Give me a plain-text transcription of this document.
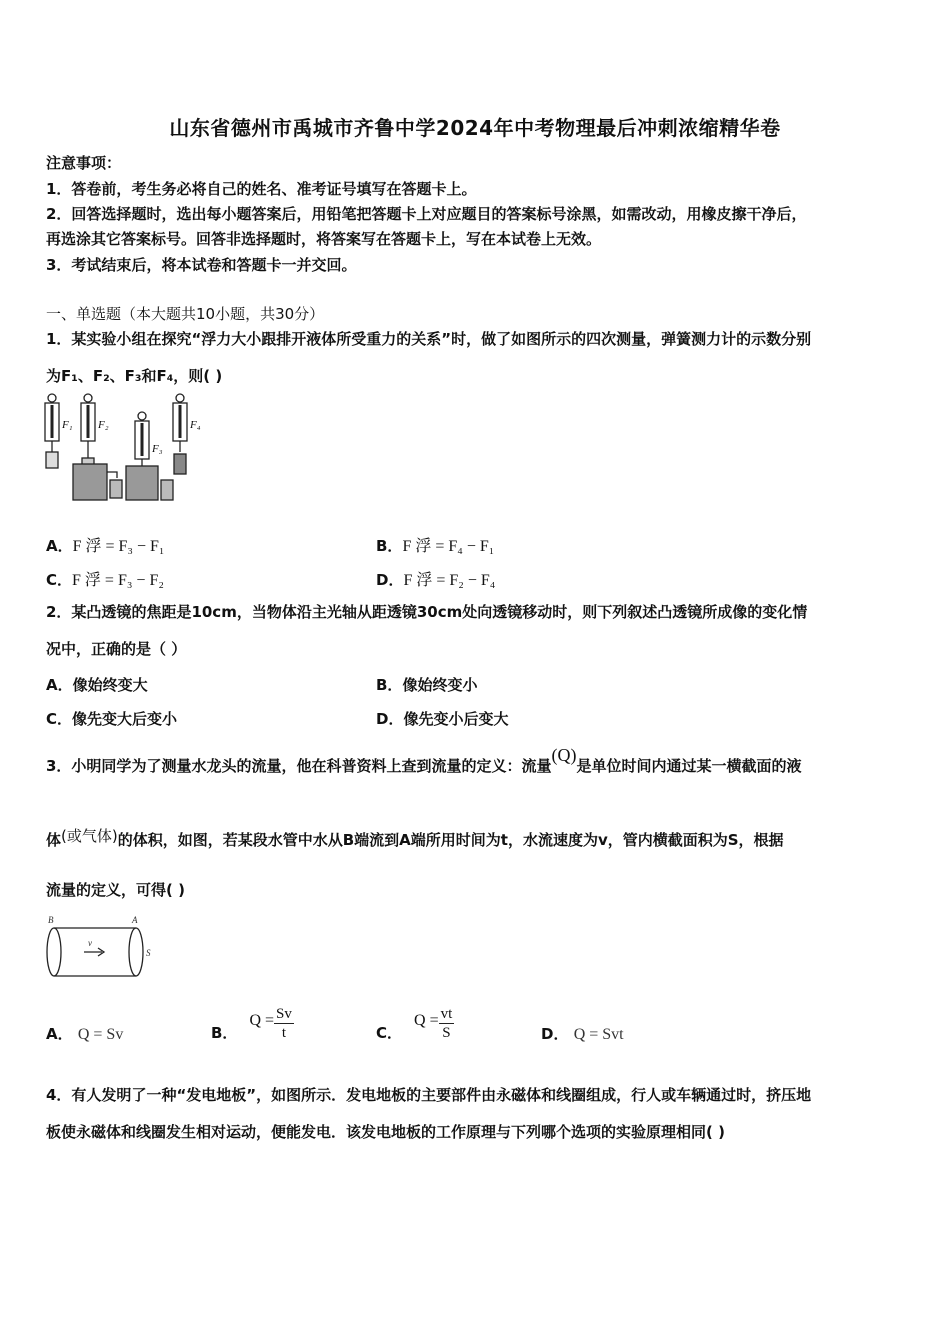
山东省德州市禹城市齐鲁中学2024年中考物理最后冲刺浓缩精华卷
注意事项：
1．答卷前，考生务必将自己的姓名、准考证号填写在答题卡上。
2．回答选择题时，选出每小题答案后，用铅笔把答题卡上对应题目的答案标号涂黑，如需改动，用橡皮擦干净后，
再选涂其它答案标号。回答非选择题时，将答案写在答题卡上，写在本试卷上无效。
3．考试结束后，将本试卷和答题卡一并交回。
一、单选题（本大题共10小题，共30分）
1．某实验小组在探究“浮力大小跟排开液体所受重力的关系”时，做了如图所示的四次测量，弹簧测力计的示数分别
为F₁、F₂、F₃和F₄，则( )
F₁ F₂
F₃
F₄
A．F 浮 = F₃ − F₁	B．F 浮 = F₄ − F₁
C．F 浮 = F₃ − F₂	D．F 浮 = F₂ − F₄
2．某凸透镜的焦距是10cm，当物体沿主光轴从距透镜30cm处向透镜移动时，则下列叙述凸透镜所成像的变化情
况中，正确的是（ ）
A．像始终变大	B．像始终变小
C．像先变大后变小	D．像先变小后变大
3．小明同学为了测量水龙头的流量，他在科普资料上查到流量的定义：流量(Q)是单位时间内通过某一横截面的液
体(或气体)的体积，如图，若某段水管中水从B端流到A端所用时间为t，水流速度为v，管内横截面积为S，根据
流量的定义，可得( )
B	A
v
S
A． Q = Sv	B．
$Q = \frac{Sv}{t}$	C．
$Q = \frac{vt}{S}$	D． Q = Svt
4．有人发明了一种“发电地板”，如图所示．发电地板的主要部件由永磁体和线圈组成，行人或车辆通过时，挤压地
板使永磁体和线圈发生相对运动，便能发电．该发电地板的工作原理与下列哪个选项的实验原理相同( )
